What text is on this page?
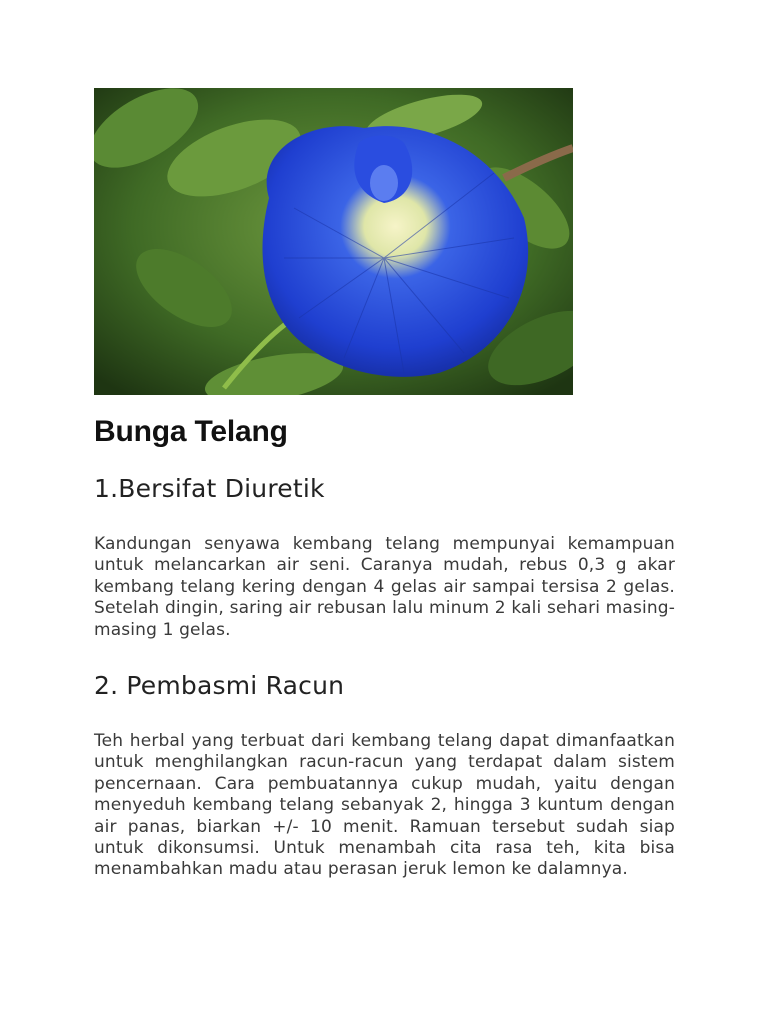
Bunga Telang
1.Bersifat Diuretik

Kandungan senyawa kembang telang mempunyai kemampuan untuk melancarkan air seni. Caranya mudah, rebus 0,3 g akar kembang telang kering dengan 4 gelas air sampai tersisa 2 gelas. Setelah dingin, saring air rebusan lalu minum 2 kali sehari masing-masing 1 gelas.

2. Pembasmi Racun

Teh herbal yang terbuat dari kembang telang dapat dimanfaatkan untuk menghilangkan racun-racun yang terdapat dalam sistem pencernaan. Cara pembuatannya cukup mudah, yaitu dengan menyeduh kembang telang sebanyak 2, hingga 3 kuntum dengan air panas, biarkan +/- 10 menit. Ramuan tersebut sudah siap untuk dikonsumsi. Untuk menambah cita rasa teh, kita bisa menambahkan madu atau perasan jeruk lemon ke dalamnya.
